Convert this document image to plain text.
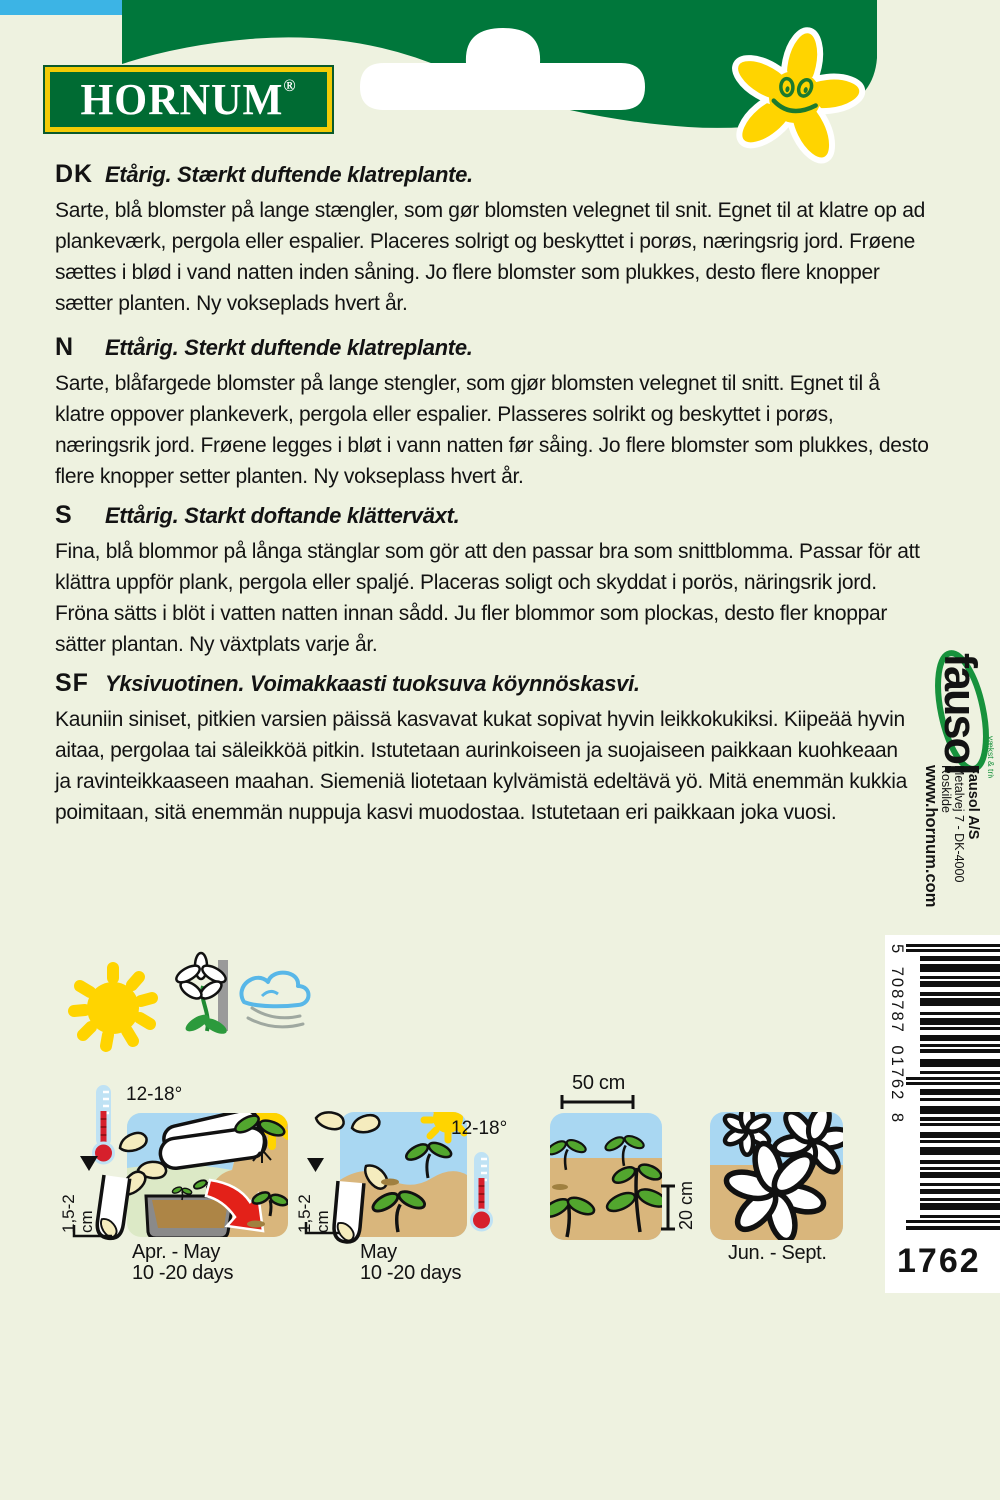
HORNUM®
DK Etårig. Stærkt duftende klatreplante.
Sarte, blå blomster på lange stængler, som gør blomsten velegnet til snit. Egnet til at klatre op ad plankeværk, pergola eller espalier. Placeres solrigt og beskyttet i porøs, næringsrig jord. Frøene sættes i blød i vand natten inden såning. Jo flere blomster som plukkes, desto flere knopper sætter planten. Ny vokseplads hvert år.
N	Ettårig. Sterkt duftende klatreplante.
Sarte, blåfargede blomster på lange stengler, som gjør blomsten velegnet til snitt. Egnet til å klatre oppover plankeverk, pergola eller espalier. Plasseres solrikt og beskyttet i porøs, næringsrik jord. Frøene legges i bløt i vann natten før såing. Jo flere blomster som plukkes, desto flere knopper setter planten. Ny vokseplass hvert år.
S	Ettårig. Starkt doftande klätterväxt.
Fina, blå blommor på långa stänglar som gör att den passar bra som snittblomma. Passar för att klättra uppför plank, pergola eller spaljé. Placeras soligt och skyddat i porös, näringsrik jord. Fröna sätts i blöt i vatten natten innan sådd. Ju fler blommor som plockas, desto fler knoppar sätter plantan. Ny växtplats varje år.
SF Yksivuotinen. Voimakkaasti tuoksuva köynnöskasvi.
Kauniin siniset, pitkien varsien päissä kasvavat kukat sopivat hyvin leikkokukiksi. Kiipeää hyvin aitaa, pergolaa tai säleikköä pitkin. Istutetaan aurinkoiseen ja suojaiseen paikkaan kuohkeaan ja ravinteikkaaseen maahan. Siemeniä liotetaan kylvämistä edeltävä yö. Mitä enemmän kukkia poimitaan, sitä enemmän nuppuja kasvi muodostaa. Istutetaan eri paikkaan joka vuosi.
fausol vækst & trivsel
Fausol A/S
Metalvej 7 - DK-4000 Roskilde
www.hornum.com
5 708787 01762 8
1762
12-18°
12-18°
1,5-2 cm	1,5-2 cm
Apr. - May
10 -20 days
May
10 -20 days
50 cm
20 cm
Jun. - Sept.
